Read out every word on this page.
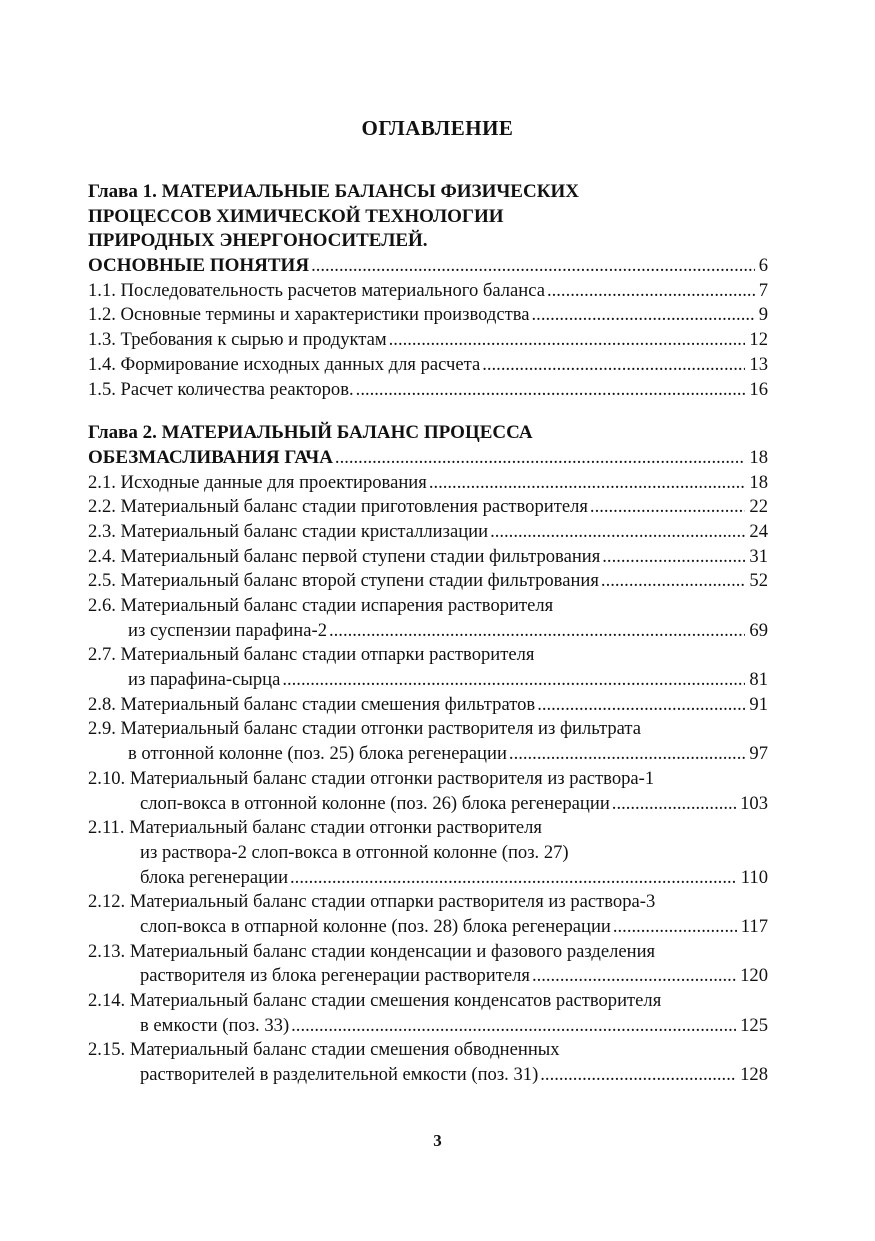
ОГЛАВЛЕНИЕ
Глава 1. МАТЕРИАЛЬНЫЕ БАЛАНСЫ ФИЗИЧЕСКИХ
ПРОЦЕССОВ ХИМИЧЕСКОЙ ТЕХНОЛОГИИ
ПРИРОДНЫХ ЭНЕРГОНОСИТЕЛЕЙ.
ОСНОВНЫЕ ПОНЯТИЯ .....	6
1.1. Последовательность расчетов материального баланса .....	7
1.2. Основные термины и характеристики производства .....	9
1.3. Требования к сырью и продуктам .....	12
1.4. Формирование исходных данных для расчета .....	13
1.5. Расчет количества реакторов. .....	16
Глава 2. МАТЕРИАЛЬНЫЙ БАЛАНС ПРОЦЕССА
ОБЕЗМАСЛИВАНИЯ ГАЧА .....	18
2.1. Исходные данные для проектирования .....	18
2.2. Материальный баланс стадии приготовления растворителя .....	22
2.3. Материальный баланс стадии кристаллизации .....	24
2.4. Материальный баланс первой ступени стадии фильтрования .....	31
2.5. Материальный баланс второй ступени стадии фильтрования .....	52
2.6. Материальный баланс стадии испарения растворителя
из суспензии парафина-2 .....	69
2.7. Материальный баланс стадии отпарки растворителя
из парафина-сырца .....	81
2.8. Материальный баланс стадии смешения фильтратов .....	91
2.9. Материальный баланс стадии отгонки растворителя из фильтрата
в отгонной колонне (поз. 25) блока регенерации .....	97
2.10. Материальный баланс стадии отгонки растворителя из раствора-1
слоп-вокса в отгонной колонне (поз. 26) блока регенерации .....	103
2.11. Материальный баланс стадии отгонки растворителя
из раствора-2 слоп-вокса в отгонной колонне (поз. 27)
блока регенерации .....	110
2.12. Материальный баланс стадии отпарки растворителя из раствора-3
слоп-вокса в отпарной колонне (поз. 28) блока регенерации .....	117
2.13. Материальный баланс стадии конденсации и фазового разделения
растворителя из блока регенерации растворителя .....	120
2.14. Материальный баланс стадии смешения конденсатов растворителя
в емкости (поз. 33) .....	125
2.15. Материальный баланс стадии смешения обводненных
растворителей в разделительной емкости (поз. 31) .....	128
3
